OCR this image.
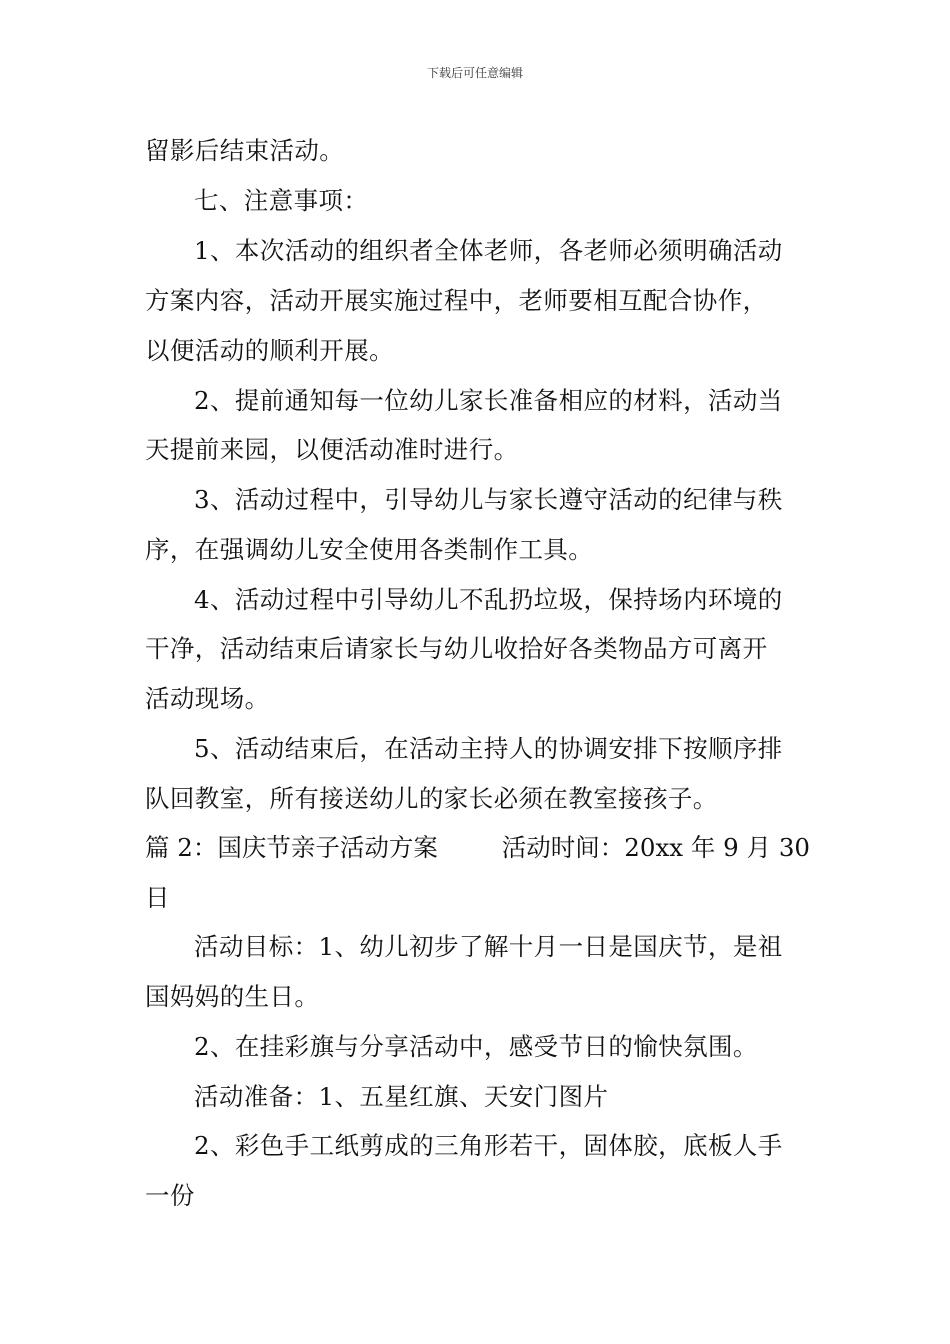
下载后可任意编辑
留影后结束活动。
七、注意事项：
1、本次活动的组织者全体老师，各老师必须明确活动
方案内容，活动开展实施过程中，老师要相互配合协作，
以便活动的顺利开展。
2、提前通知每一位幼儿家长准备相应的材料，活动当
天提前来园，以便活动准时进行。
3、活动过程中，引导幼儿与家长遵守活动的纪律与秩
序，在强调幼儿安全使用各类制作工具。
4、活动过程中引导幼儿不乱扔垃圾，保持场内环境的
干净，活动结束后请家长与幼儿收拾好各类物品方可离开
活动现场。
5、活动结束后，在活动主持人的协调安排下按顺序排
队回教室，所有接送幼儿的家长必须在教室接孩子。
篇 2：国庆节亲子活动方案	活动时间：20xx 年 9 月 30
日
活动目标：1、幼儿初步了解十月一日是国庆节，是祖
国妈妈的生日。
2、在挂彩旗与分享活动中，感受节日的愉快氛围。
活动准备：1、五星红旗、天安门图片
2、彩色手工纸剪成的三角形若干，固体胶，底板人手
一份
